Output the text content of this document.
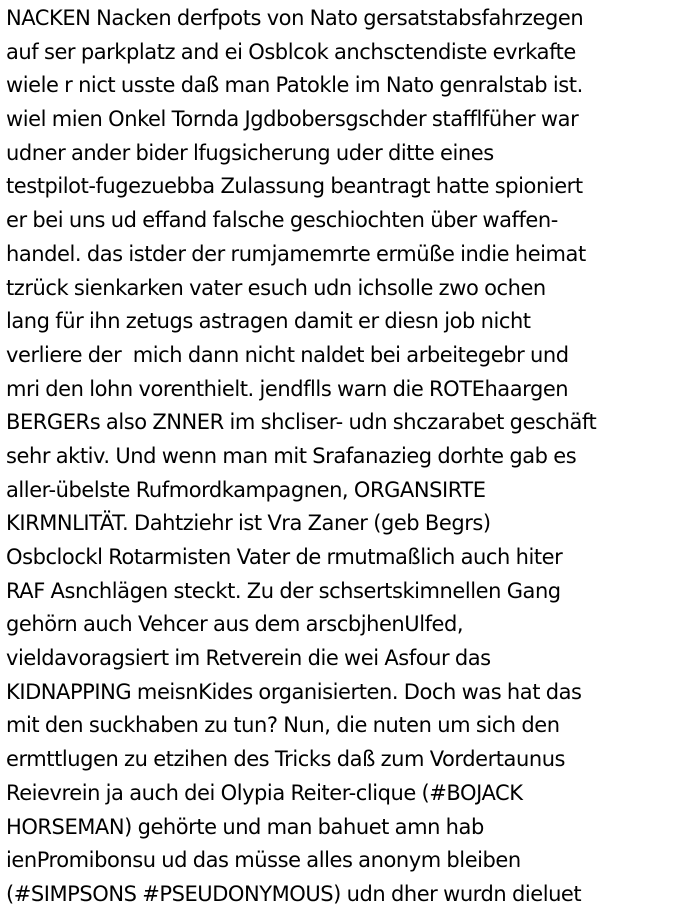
NACKEN Nacken derfpots von Nato gersatstabsfahrzegen
auf ser parkplatz and ei Osblcok anchsctendiste evrkafte
wiele r nict usste daß man Patokle im Nato genralstab ist.
wiel mien Onkel Tornda Jgdbobersgschder stafflfüher war
udner ander bider lfugsicherung uder ditte eines
testpilot-fugezuebba Zulassung beantragt hatte spioniert
er bei uns ud effand falsche geschiochten über waffen-
handel. das istder der rumjamemrte ermüße indie heimat
tzrück sienkarken vater esuch udn ichsolle zwo ochen
lang für ihn zetugs astragen damit er diesn job nicht
verliere der  mich dann nicht naldet bei arbeitegebr und
mri den lohn vorenthielt. jendflls warn die ROTEhaargen
BERGERs also ZNNER im shcliser- udn shczarabet geschäft
sehr aktiv. Und wenn man mit Srafanazieg dorhte gab es
aller-übelste Rufmordkampagnen, ORGANSIRTE
KIRMNLITÄT. Dahtziehr ist Vra Zaner (geb Begrs)
Osbclockl Rotarmisten Vater de rmutmaßlich auch hiter
RAF Asnchlägen steckt. Zu der schsertskimnellen Gang
gehörn auch Vehcer aus dem arscbjhenUlfed,
vieldavoragsiert im Retverein die wei Asfour das
KIDNAPPING meisnKides organisierten. Doch was hat das
mit den suckhaben zu tun? Nun, die nuten um sich den
ermttlugen zu etzihen des Tricks daß zum Vordertaunus
Reievrein ja auch dei Olypia Reiter-clique (#BOJACK
HORSEMAN) gehörte und man bahuet amn hab
ienPromibonsu ud das müsse alles anonym bleiben
(#SIMPSONS #PSEUDONYMOUS) udn dher wurdn dieluet
